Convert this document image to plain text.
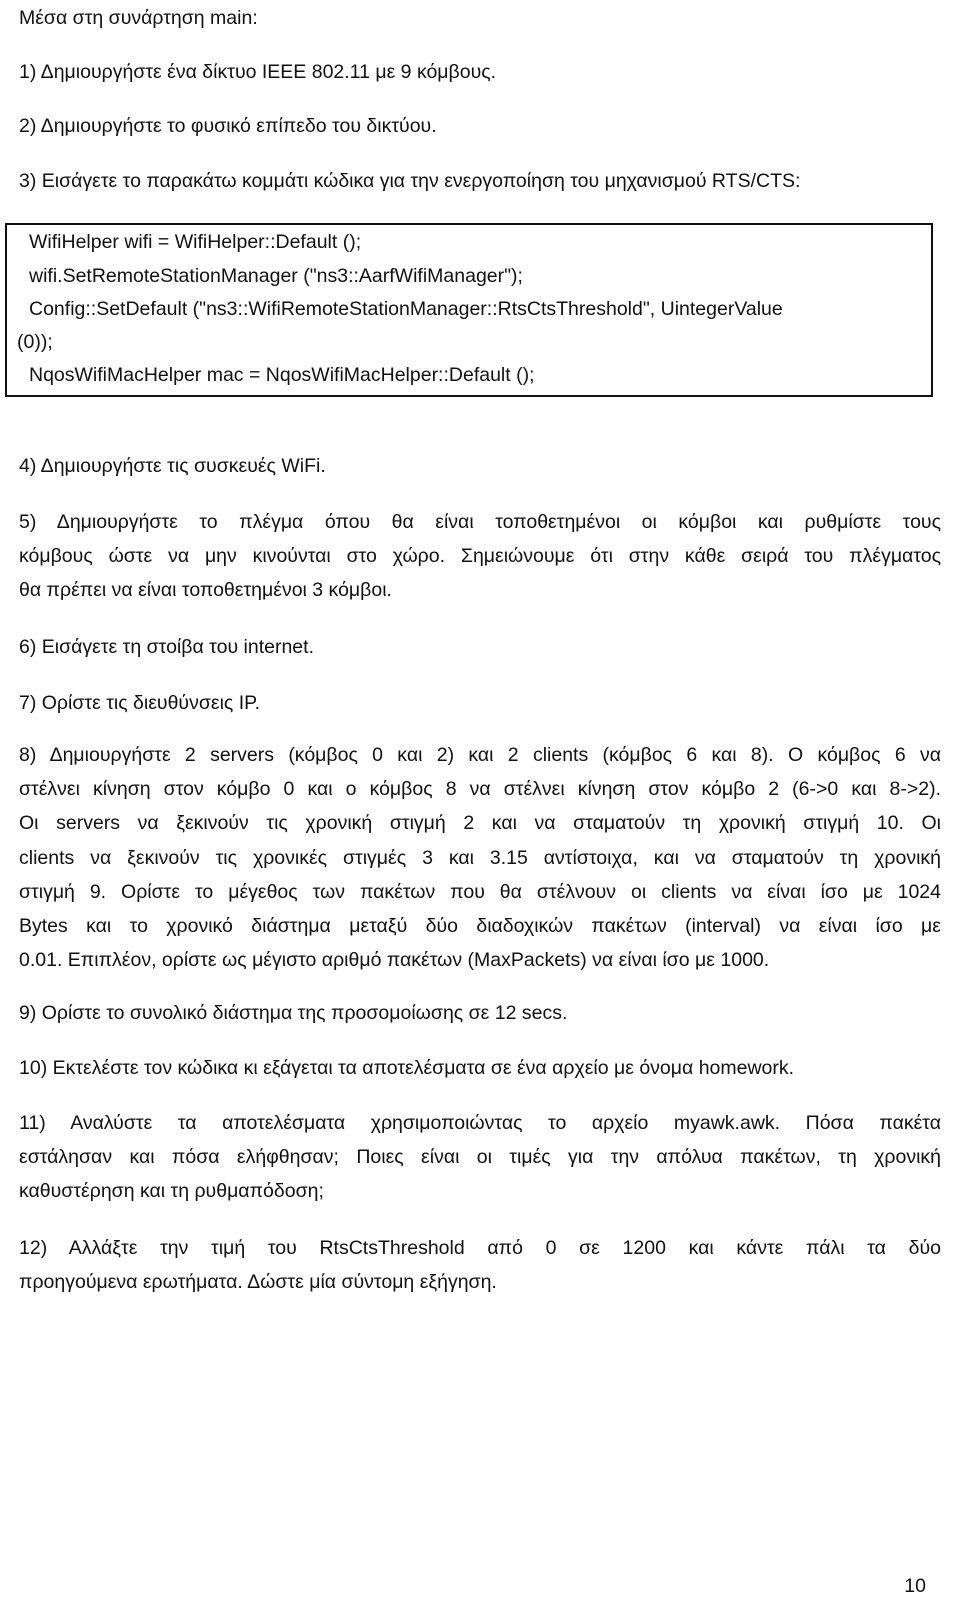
Μέσα στη συνάρτηση main:
1) Δημιουργήστε ένα δίκτυο IEEE 802.11 με 9 κόμβους.
2) Δημιουργήστε το φυσικό επίπεδο του δικτύου.
3) Εισάγετε το παρακάτω κομμάτι κώδικα για την ενεργοποίηση του μηχανισμού RTS/CTS:
WifiHelper wifi = WifiHelper::Default ();
wifi.SetRemoteStationManager ("ns3::AarfWifiManager");
Config::SetDefault ("ns3::WifiRemoteStationManager::RtsCtsThreshold", UintegerValue
(0));
NqosWifiMacHelper mac = NqosWifiMacHelper::Default ();
4) Δημιουργήστε τις συσκευές WiFi.
5) Δημιουργήστε το πλέγμα όπου θα είναι τοποθετημένοι οι κόμβοι και ρυθμίστε τους
κόμβους ώστε να μην κινούνται στο χώρο. Σημειώνουμε ότι στην κάθε σειρά του πλέγματος
θα πρέπει να είναι τοποθετημένοι 3 κόμβοι.
6) Εισάγετε τη στοίβα του internet.
7) Ορίστε τις διευθύνσεις IP.
8) Δημιουργήστε 2 servers (κόμβος 0 και 2) και 2 clients (κόμβος 6 και 8). Ο κόμβος 6 να
στέλνει κίνηση στον κόμβο 0 και ο κόμβος 8 να στέλνει κίνηση στον κόμβο 2 (6->0 και 8->2).
Οι servers να ξεκινούν τις χρονική στιγμή 2 και να σταματούν τη χρονική στιγμή 10. Οι
clients να ξεκινούν τις χρονικές στιγμές 3 και 3.15 αντίστοιχα, και να σταματούν τη χρονική
στιγμή 9. Ορίστε το μέγεθος των πακέτων που θα στέλνουν οι clients να είναι ίσο με 1024
Bytes και το χρονικό διάστημα μεταξύ δύο διαδοχικών πακέτων (interval) να είναι ίσο με
0.01. Επιπλέον, ορίστε ως μέγιστο αριθμό πακέτων (MaxPackets) να είναι ίσο με 1000.
9) Ορίστε το συνολικό διάστημα της προσομοίωσης σε 12 secs.
10) Εκτελέστε τον κώδικα κι εξάγεται τα αποτελέσματα σε ένα αρχείο με όνομα homework.
11) Αναλύστε τα αποτελέσματα χρησιμοποιώντας το αρχείο myawk.awk. Πόσα πακέτα
εστάλησαν και πόσα ελήφθησαν; Ποιες είναι οι τιμές για την απόλυα πακέτων, τη χρονική
καθυστέρηση και τη ρυθμαπόδοση;
12) Αλλάξτε την τιμή του RtsCtsThreshold από 0 σε 1200 και κάντε πάλι τα δύο
προηγούμενα ερωτήματα. Δώστε μία σύντομη εξήγηση.
10
